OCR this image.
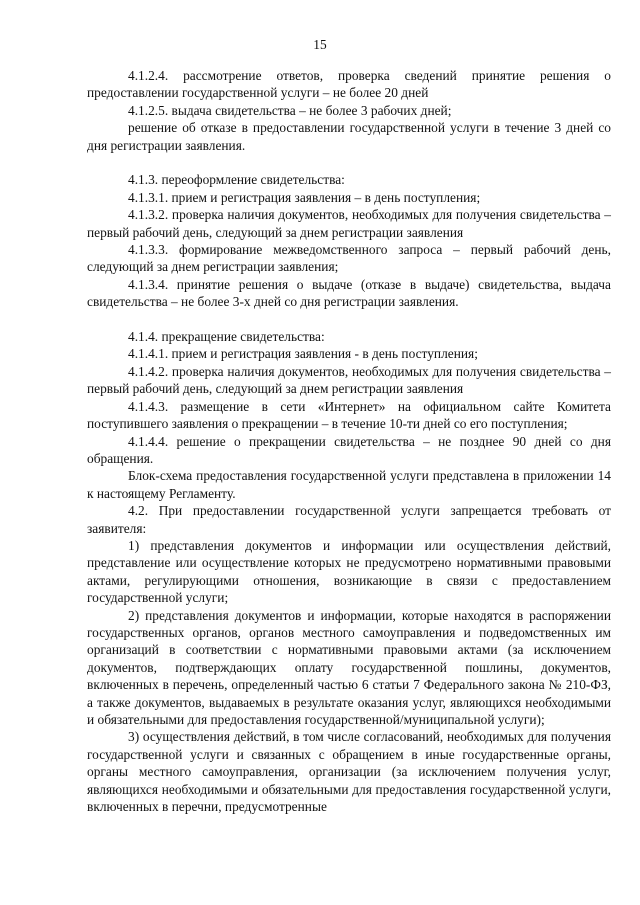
15

4.1.2.4. рассмотрение ответов, проверка сведений принятие решения о предоставлении государственной услуги – не более 20 дней

4.1.2.5. выдача свидетельства – не более 3 рабочих дней;

решение об отказе в предоставлении государственной услуги в течение 3 дней со дня регистрации заявления.

4.1.3. переоформление свидетельства:

4.1.3.1. прием и регистрация заявления – в день поступления;

4.1.3.2. проверка наличия документов, необходимых для получения свидетельства – первый рабочий день, следующий за днем регистрации заявления

4.1.3.3. формирование межведомственного запроса – первый рабочий день, следующий за днем регистрации заявления;

4.1.3.4. принятие решения о выдаче (отказе в выдаче) свидетельства, выдача свидетельства – не более 3-х дней со дня регистрации заявления.

4.1.4. прекращение свидетельства:

4.1.4.1. прием и регистрация заявления - в день поступления;

4.1.4.2. проверка наличия документов, необходимых для получения свидетельства – первый рабочий день, следующий за днем регистрации заявления

4.1.4.3. размещение в сети «Интернет» на официальном сайте Комитета поступившего заявления о прекращении – в течение 10-ти дней со его поступления;

4.1.4.4. решение о прекращении свидетельства – не позднее 90 дней со дня обращения.

Блок-схема предоставления государственной услуги представлена в приложении 14 к настоящему Регламенту.

4.2. При предоставлении государственной услуги запрещается требовать от заявителя:

1) представления документов и информации или осуществления действий, представление или осуществление которых не предусмотрено нормативными правовыми актами, регулирующими отношения, возникающие в связи с предоставлением государственной услуги;

2) представления документов и информации, которые находятся в распоряжении государственных органов, органов местного самоуправления и подведомственных им организаций в соответствии с нормативными правовыми актами (за исключением документов, подтверждающих оплату государственной пошлины, документов, включенных в перечень, определенный частью 6 статьи 7 Федерального закона № 210-ФЗ, а также документов, выдаваемых в результате оказания услуг, являющихся необходимыми и обязательными для предоставления государственной/муниципальной услуги);

3) осуществления действий, в том числе согласований, необходимых для получения государственной услуги и связанных с обращением в иные государственные органы, органы местного самоуправления, организации (за исключением получения услуг, являющихся необходимыми и обязательными для предоставления государственной услуги, включенных в перечни, предусмотренные
